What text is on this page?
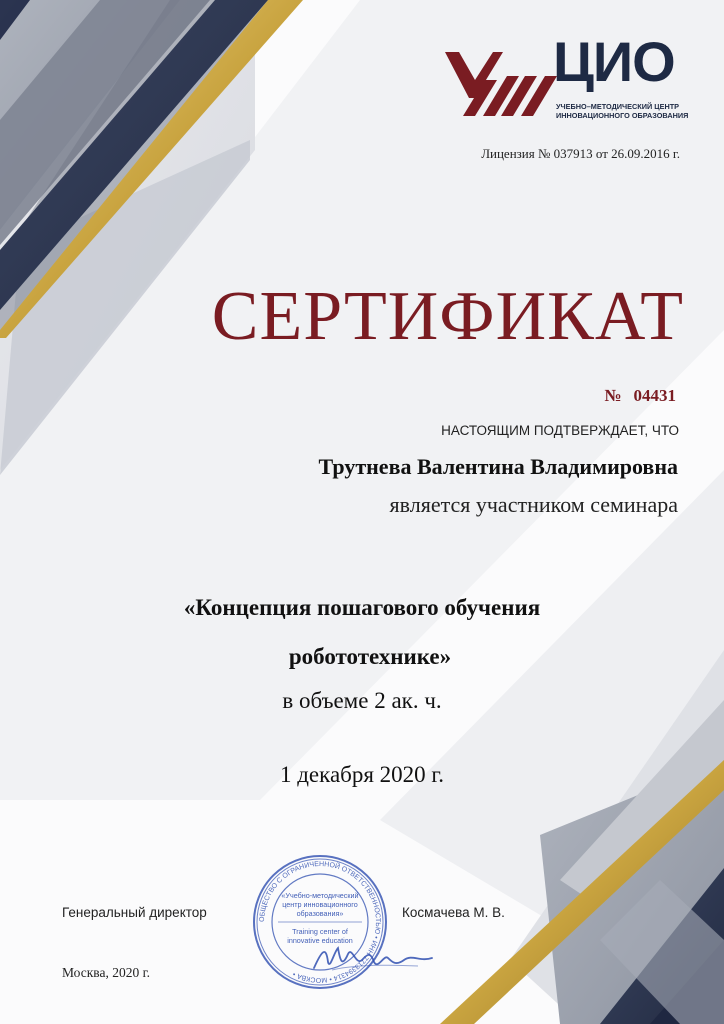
ЦИО
УЧЕБНО–МЕТОДИЧЕСКИЙ ЦЕНТР
ИННОВАЦИОННОГО ОБРАЗОВАНИЯ
Лицензия № 037913 от 26.09.2016 г.
СЕРТИФИКАТ
№ 04431
НАСТОЯЩИМ ПОДТВЕРЖДАЕТ, ЧТО
Трутнева Валентина Владимировна
является участником семинара
«Концепция пошагового обучения
робототехнике»
в объеме 2 ак. ч.
1 декабря 2020 г.
Генеральный директор	Космачева М. В.
Москва, 2020 г.
ОБЩЕСТВО С ОГРАНИЧЕННОЙ ОТВЕТСТВЕННОСТЬЮ • ИНН 7713394314 • МОСКВА •
«Учебно-методический
центр инновационного
образования»
Training center of
innovative education
